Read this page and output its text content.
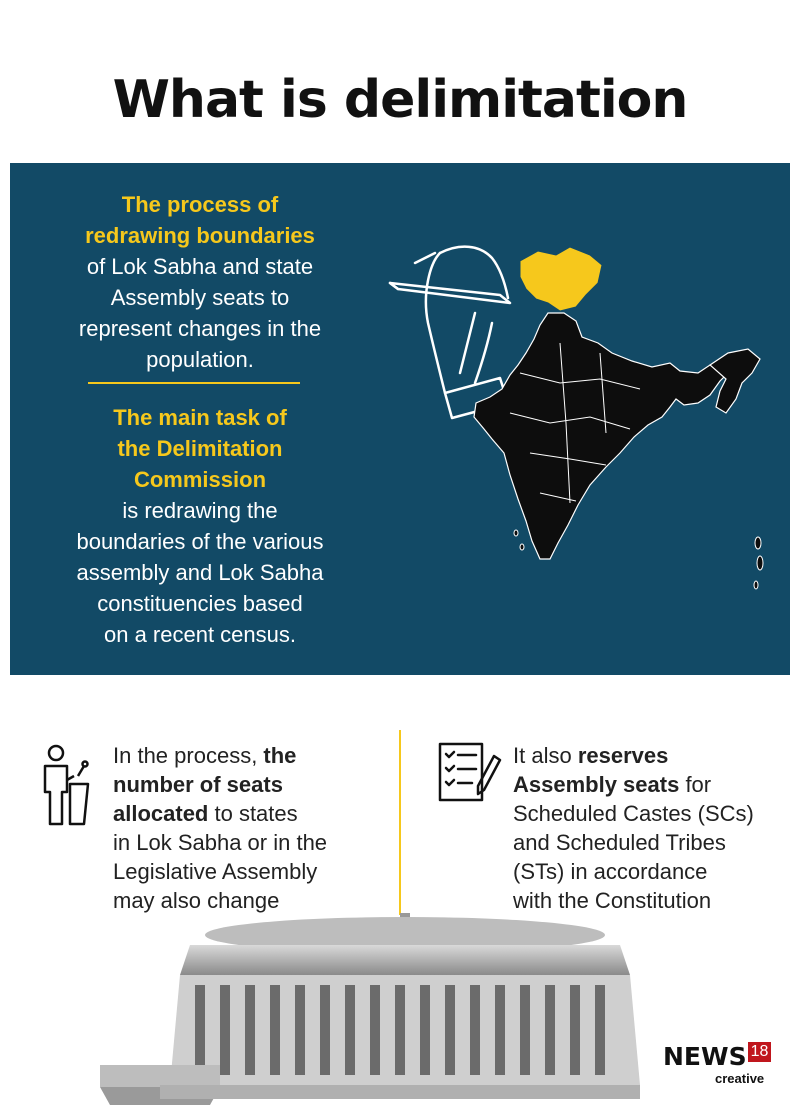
What is delimitation
The process of
redrawing boundaries
of Lok Sabha and state
Assembly seats to
represent changes in the
population.
The main task of
the Delimitation
Commission
is redrawing the
boundaries of the various
assembly and Lok Sabha
constituencies based
on a recent census.
In the process, the
number of seats
allocated to states
in Lok Sabha or in the
Legislative Assembly
may also change
It also reserves
Assembly seats for
Scheduled Castes (SCs)
and Scheduled Tribes
(STs) in accordance
with the Constitution
NEWS 18
creative
